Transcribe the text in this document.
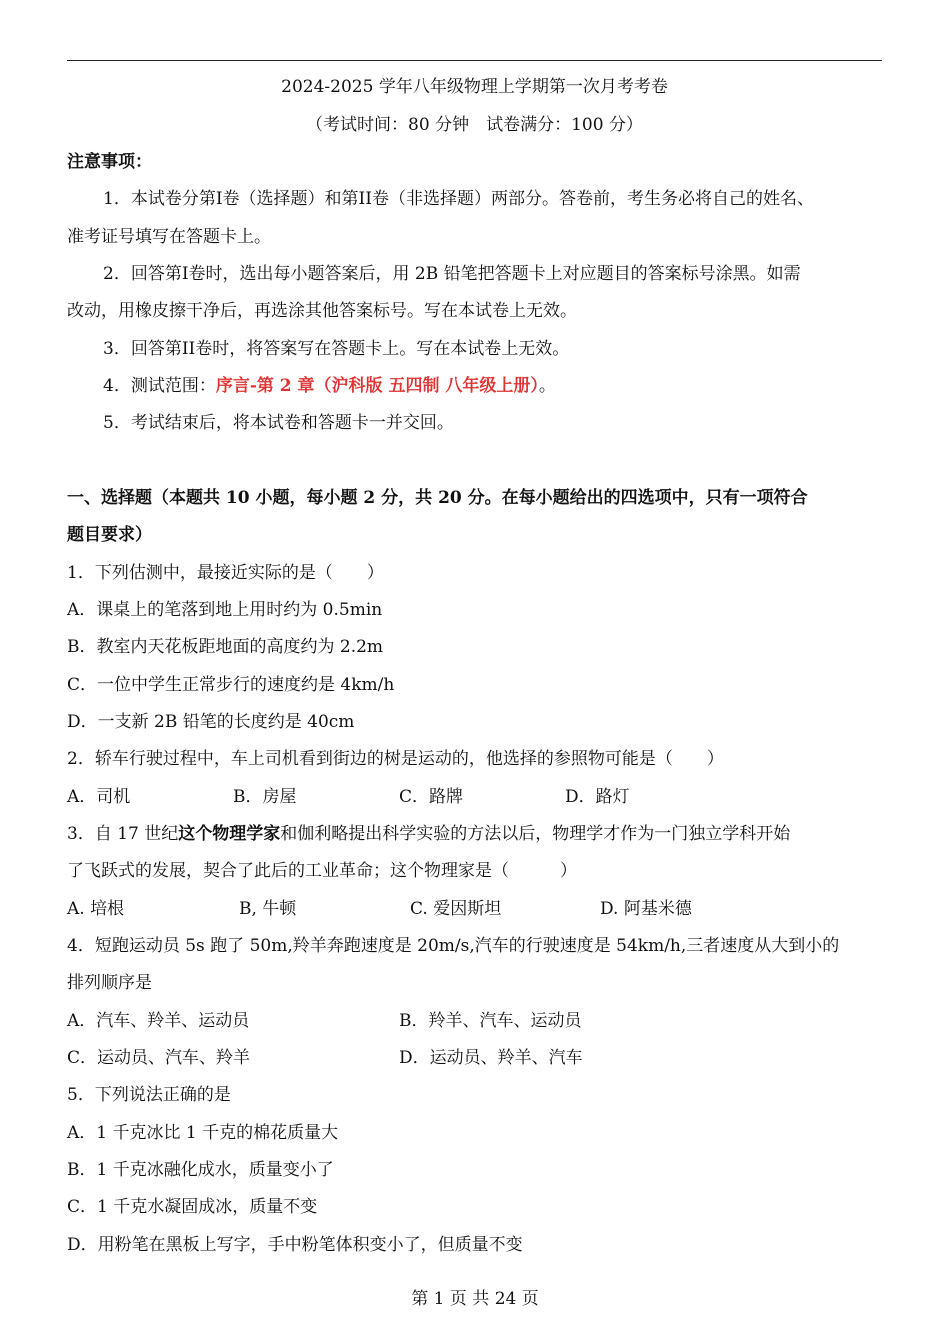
2024-2025 学年八年级物理上学期第一次月考考卷
（考试时间：80 分钟　试卷满分：100 分）
注意事项：
1．本试卷分第I卷（选择题）和第II卷（非选择题）两部分。答卷前，考生务必将自己的姓名、
准考证号填写在答题卡上。
2．回答第I卷时，选出每小题答案后，用 2B 铅笔把答题卡上对应题目的答案标号涂黑。如需
改动，用橡皮擦干净后，再选涂其他答案标号。写在本试卷上无效。
3．回答第II卷时，将答案写在答题卡上。写在本试卷上无效。
4．测试范围：序言-第 2 章（沪科版 五四制 八年级上册）。
5．考试结束后，将本试卷和答题卡一并交回。
一、选择题（本题共 10 小题，每小题 2 分，共 20 分。在每小题给出的四选项中，只有一项符合
题目要求）
1．下列估测中，最接近实际的是（　　）
A．课桌上的笔落到地上用时约为 0.5min
B．教室内天花板距地面的高度约为 2.2m
C．一位中学生正常步行的速度约是 4km/h
D．一支新 2B 铅笔的长度约是 40cm
2．轿车行驶过程中，车上司机看到街边的树是运动的，他选择的参照物可能是（　　）
A．司机	B．房屋	C．路牌	D．路灯
3．自 17 世纪这个物理学家和伽利略提出科学实验的方法以后，物理学才作为一门独立学科开始
了飞跃式的发展，契合了此后的工业革命；这个物理家是（　　　）
A. 培根	B, 牛顿	C. 爱因斯坦	D. 阿基米德
4．短跑运动员 5s 跑了 50m,羚羊奔跑速度是 20m/s,汽车的行驶速度是 54km/h,三者速度从大到小的
排列顺序是
A．汽车、羚羊、运动员	B．羚羊、汽车、运动员
C．运动员、汽车、羚羊	D．运动员、羚羊、汽车
5．下列说法正确的是
A．1 千克冰比 1 千克的棉花质量大
B．1 千克冰融化成水，质量变小了
C．1 千克水凝固成冰，质量不变
D．用粉笔在黑板上写字，手中粉笔体积变小了，但质量不变
第 1 页 共 24 页
